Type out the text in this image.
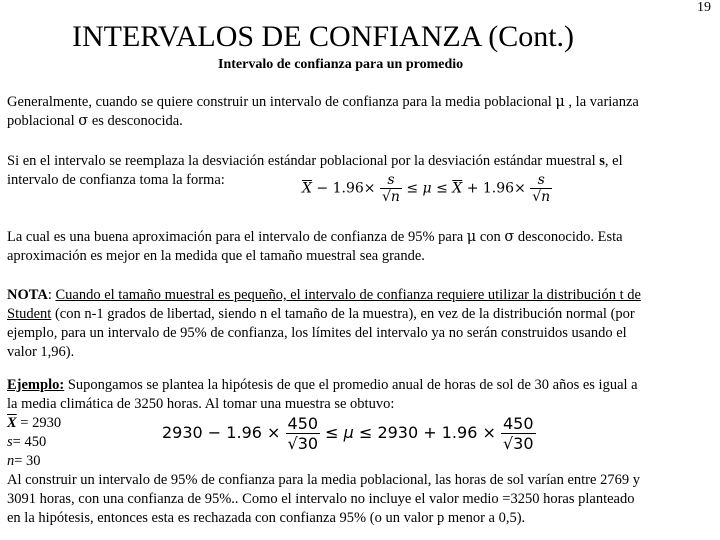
19
INTERVALOS DE CONFIANZA (Cont.)
Intervalo de confianza para un promedio
Generalmente, cuando se quiere construir un intervalo de confianza para la media poblacional μ , la varianza
poblacional σ es desconocida.
Si en el intervalo se reemplaza la desviación estándar poblacional por la desviación estándar muestral s, el
intervalo de confianza toma la forma:
$\overline{X} - 1.96\times \frac{s}{√n} \le \mu \le \overline{X} + 1.96\times \frac{s}{√n}$
La cual es una buena aproximación para el intervalo de confianza de 95% para μ con σ desconocido. Esta
aproximación es mejor en la medida que el tamaño muestral sea grande.
NOTA: Cuando el tamaño muestral es pequeño, el intervalo de confianza requiere utilizar la distribución t de
Student (con n-1 grados de libertad, siendo n el tamaño de la muestra), en vez de la distribución normal (por
ejemplo, para un intervalo de 95% de confianza, los límites del intervalo ya no serán construidos usando el
valor 1,96).
Ejemplo: Supongamos se plantea la hipótesis de que el promedio anual de horas de sol de 30 años es igual a
la media climática de 3250 horas. Al tomar una muestra se obtuvo:
$\overline{X} = 2930$
s= 450
n= 30
$2930 - 1.96 \times \frac{450}{√30} \le \mu \le 2930 + 1.96 \times \frac{450}{√30}$
Al construir un intervalo de 95% de confianza para la media poblacional, las horas de sol varían entre 2769 y
3091 horas, con una confianza de 95%.. Como el intervalo no incluye el valor medio =3250 horas planteado
en la hipótesis, entonces esta es rechazada con confianza 95% (o un valor p menor a 0,5).
